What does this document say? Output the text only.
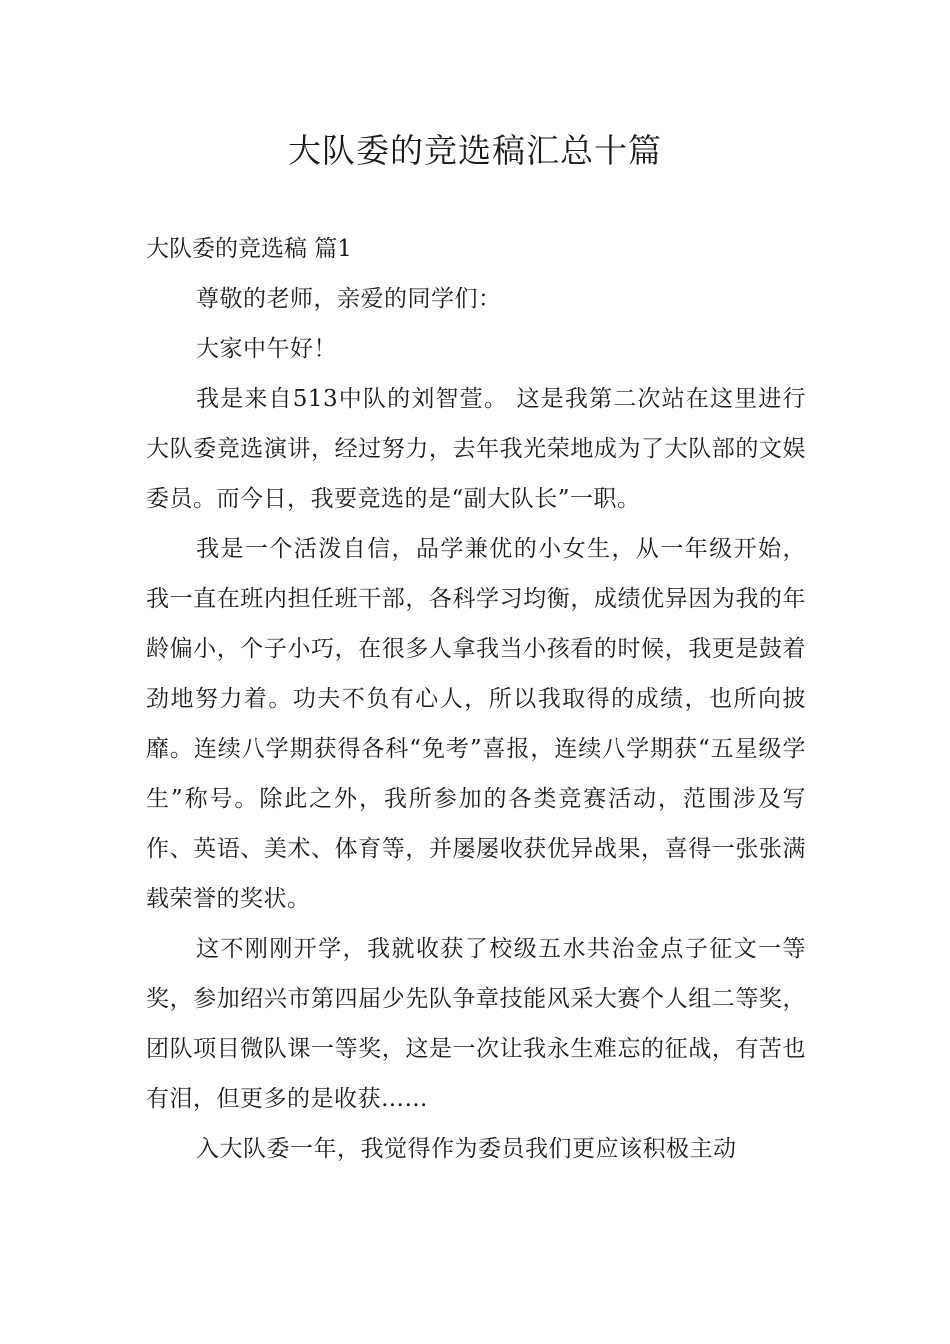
大队委的竞选稿汇总十篇
大队委的竞选稿 篇1

尊敬的老师，亲爱的同学们：

大家中午好！

我是来自513中队的刘智萱。 这是我第二次站在这里进行大队委竞选演讲，经过努力，去年我光荣地成为了大队部的文娱委员。而今日，我要竞选的是“副大队长”一职。

我是一个活泼自信，品学兼优的小女生，从一年级开始，我一直在班内担任班干部，各科学习均衡，成绩优异因为我的年龄偏小，个子小巧，在很多人拿我当小孩看的时候，我更是鼓着劲地努力着。功夫不负有心人，所以我取得的成绩，也所向披靡。连续八学期获得各科“免考”喜报，连续八学期获“五星级学生”称号。除此之外，我所参加的各类竞赛活动，范围涉及写作、英语、美术、体育等，并屡屡收获优异战果，喜得一张张满载荣誉的奖状。

这不刚刚开学，我就收获了校级五水共治金点子征文一等奖，参加绍兴市第四届少先队争章技能风采大赛个人组二等奖，团队项目微队课一等奖，这是一次让我永生难忘的征战，有苦也有泪，但更多的是收获……

入大队委一年，我觉得作为委员我们更应该积极主动
